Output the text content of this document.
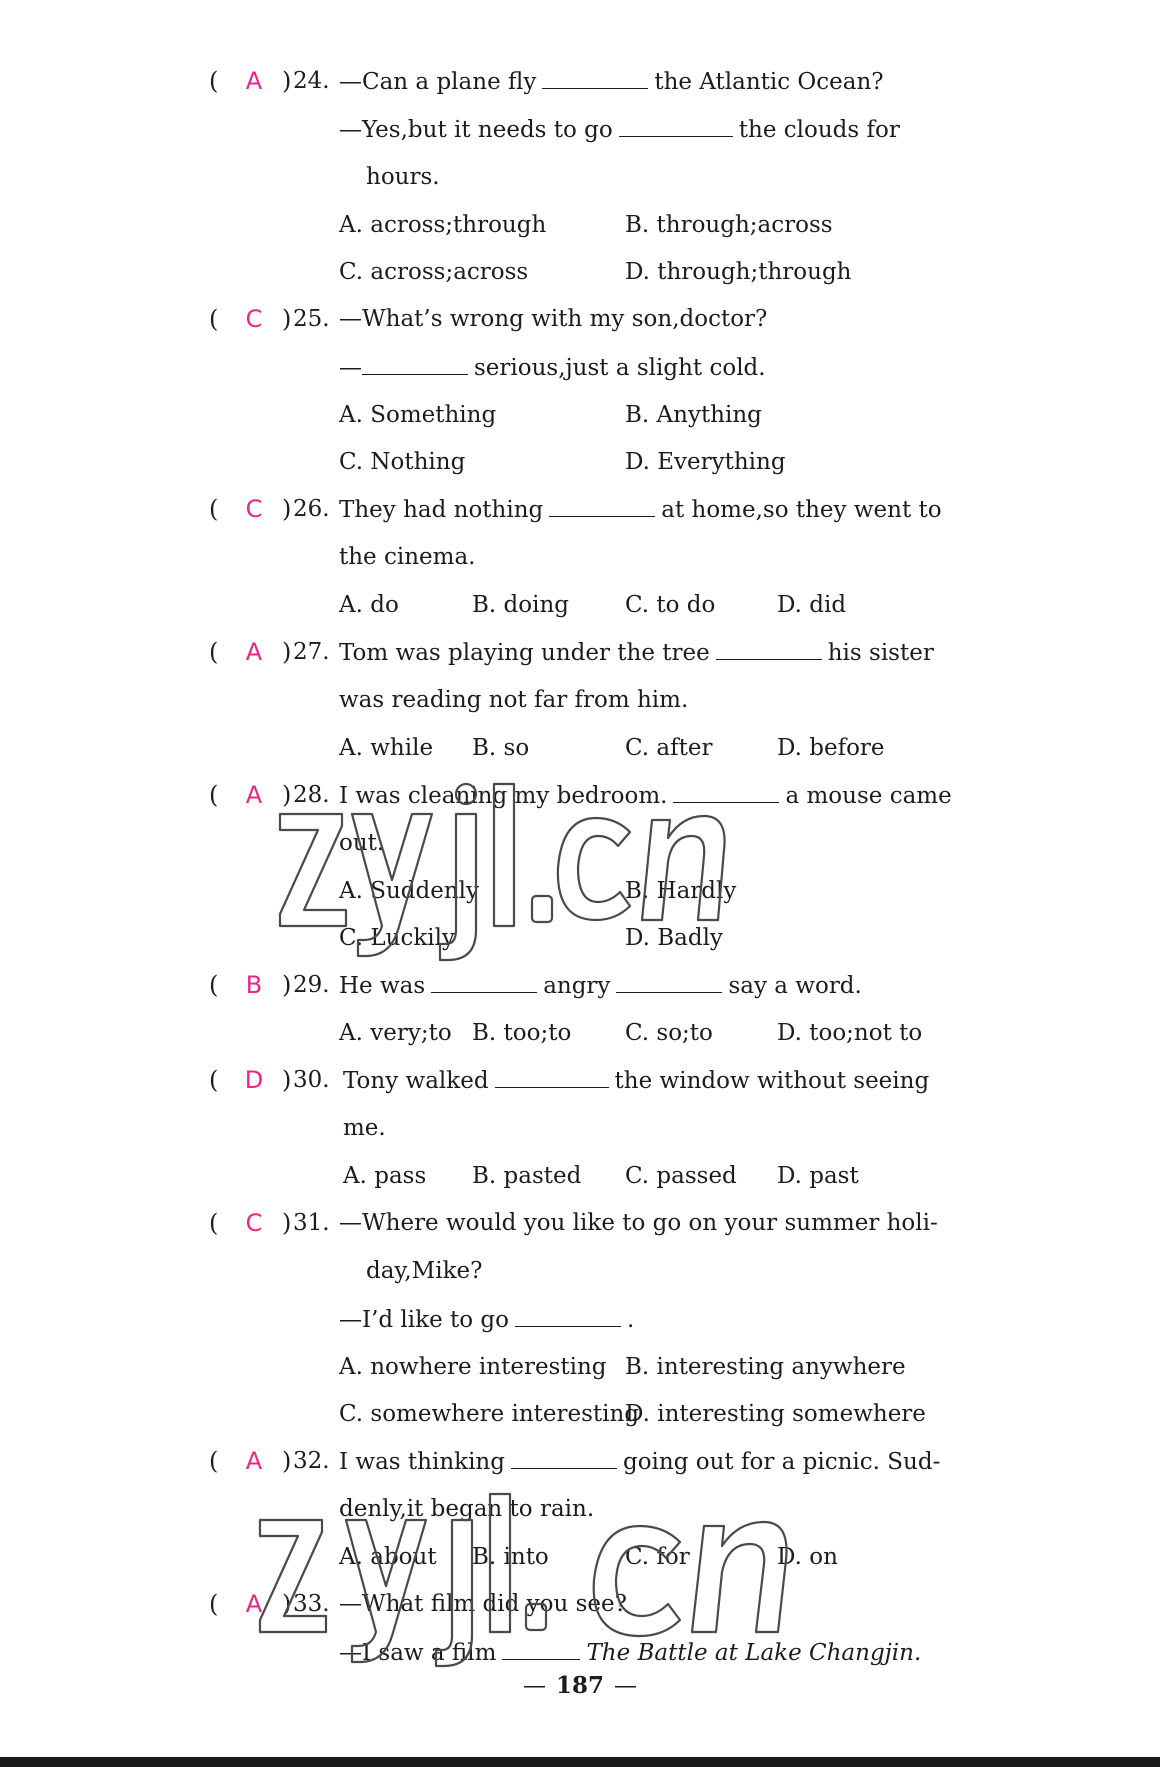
(	A ) 24. —Can a plane fly	the Atlantic Ocean?
—Yes,but it needs to go	the clouds for
hours.
A. across;through	B. through;across
C. across;across	D. through;through
(	C ) 25. —What’s wrong with my son,doctor?
—	serious,just a slight cold.
A. Something	B. Anything
C. Nothing	D. Everything
(	C ) 26. They had nothing	at home,so they went to
the cinema.
A. do	B. doing C. to do	D. did
(	A ) 27. Tom was playing under the tree	his sister
was reading not far from him.
A. while B. so	C. after	D. before
(	A ) 28. I was cleaning my bedroom.	a mouse came
out.
A. Suddenly	B. Hardly
C. Luckily	D. Badly
(	B ) 29. He was	angry	say a word.
A. very;to B. too;to C. so;to	D. too;not to
(	D ) 30. Tony walked	the window without seeing
me.
A. pass B. pasted C. passed D. past
(	C ) 31. —Where would you like to go on your summer holi-
day,Mike?
—I’d like to go	.
A. nowhere interesting B. interesting anywhere
C. somewhere interesting
D. interesting somewhere
(	A ) 32. I was thinking	going out for a picnic. Sud-
denly,it began to rain.
A. about B. into	C. for	D. on
(	A ) 33. —What film did you see?
—I saw a film	The Battle at Lake Changjin.
— 187 —
